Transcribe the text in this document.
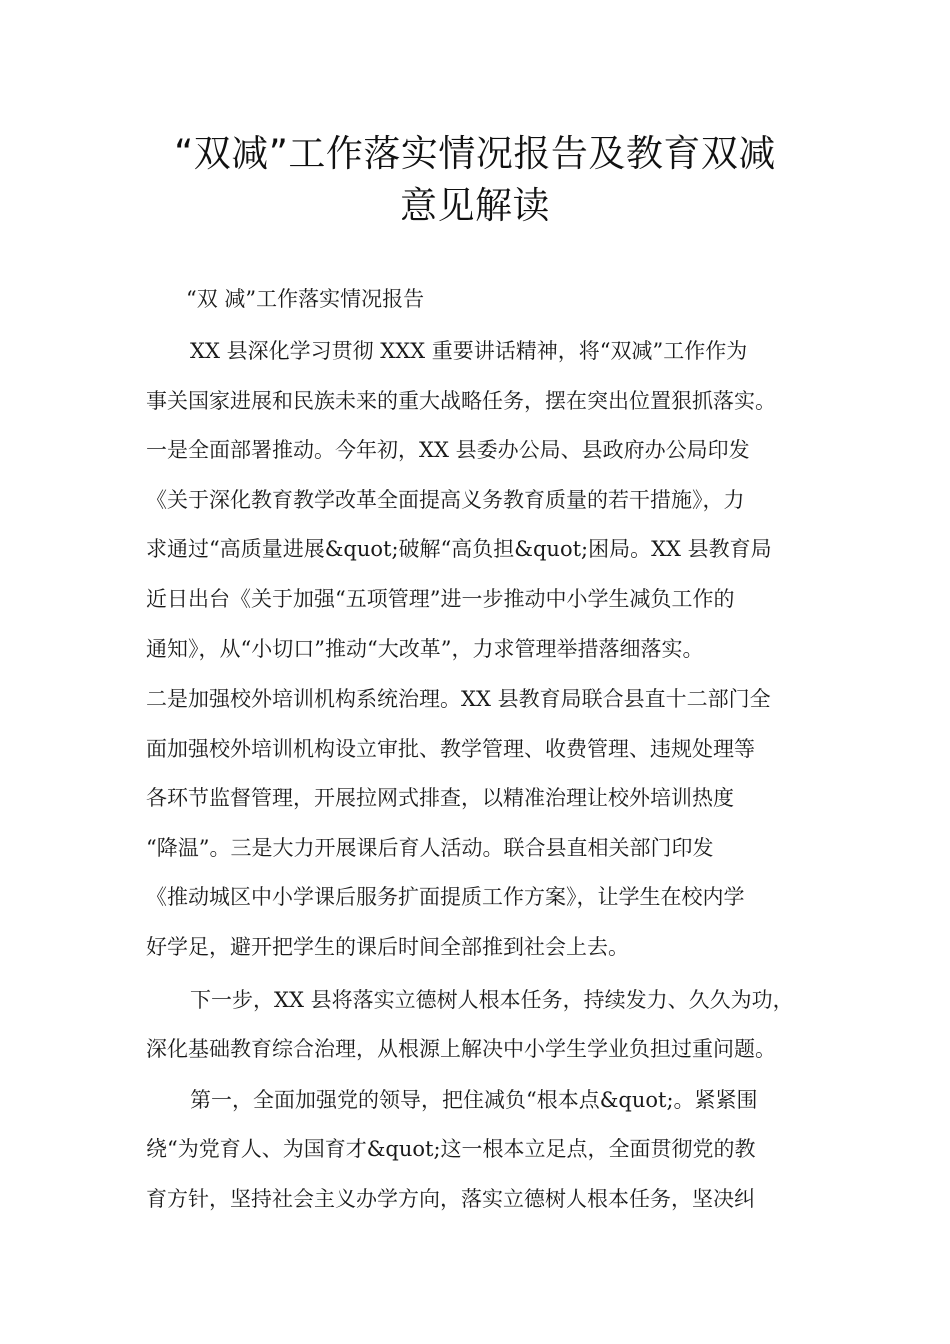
“双减”工作落实情况报告及教育双减
意见解读
“双 减”工作落实情况报告
XX 县深化学习贯彻 XXX 重要讲话精神，将“双减”工作作为
事关国家进展和民族未来的重大战略任务，摆在突出位置狠抓落实。
一是全面部署推动。今年初，XX 县委办公局、县政府办公局印发
《关于深化教育教学改革全面提高义务教育质量的若干措施》，力
求通过“高质量进展&quot;破解“高负担&quot;困局。XX 县教育局
近日出台《关于加强“五项管理”进一步推动中小学生减负工作的
通知》，从“小切口”推动“大改革”，力求管理举措落细落实。
二是加强校外培训机构系统治理。XX 县教育局联合县直十二部门全
面加强校外培训机构设立审批、教学管理、收费管理、违规处理等
各环节监督管理，开展拉网式排查，以精准治理让校外培训热度
“降温”。三是大力开展课后育人活动。联合县直相关部门印发
《推动城区中小学课后服务扩面提质工作方案》，让学生在校内学
好学足，避开把学生的课后时间全部推到社会上去。
下一步，XX 县将落实立德树人根本任务，持续发力、久久为功，
深化基础教育综合治理，从根源上解决中小学生学业负担过重问题。
第一，全面加强党的领导，把住减负“根本点&quot;。紧紧围
绕“为党育人、为国育才&quot;这一根本立足点，全面贯彻党的教
育方针，坚持社会主义办学方向，落实立德树人根本任务，坚决纠
